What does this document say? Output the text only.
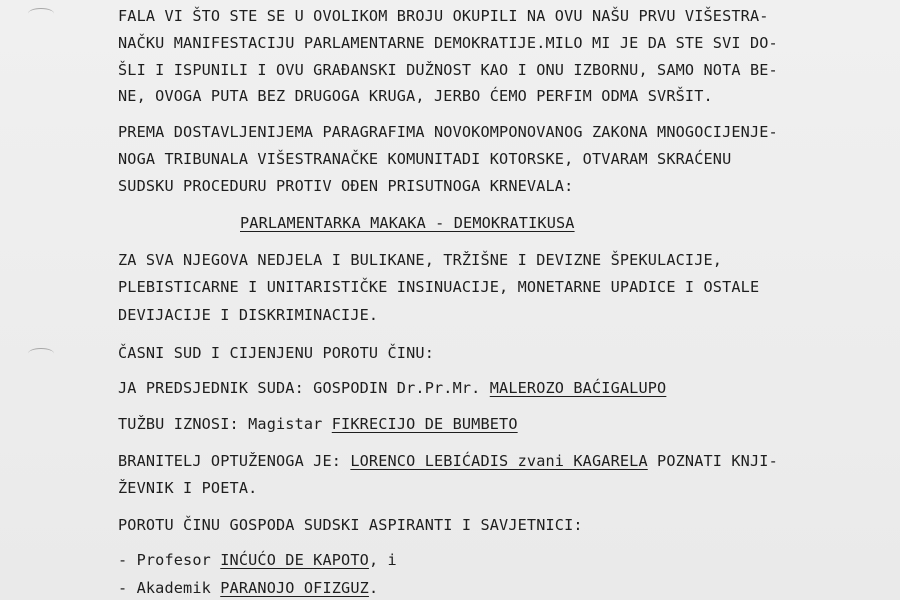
FALA VI ŠTO STE SE U OVOLIKOM BROJU OKUPILI NA OVU NAŠU PRVU VIŠESTRA-
NAČKU MANIFESTACIJU PARLAMENTARNE DEMOKRATIJE.MILO MI JE DA STE SVI DO-
ŠLI I ISPUNILI I OVU GRAĐANSKI DUŽNOST KAO I ONU IZBORNU, SAMO NOTA BE-
NE, OVOGA PUTA BEZ DRUGOGA KRUGA, JERBO ĆEMO PERFIM ODMA SVRŠIT.
PREMA DOSTAVLJENIJEMA PARAGRAFIMA NOVOKOMPONOVANOG ZAKONA MNOGOCIJENJE-
NOGA TRIBUNALA VIŠESTRANAČKE KOMUNITADI KOTORSKE, OTVARAM SKRAĆENU
SUDSKU PROCEDURU PROTIV OĐEN PRISUTNOGA KRNEVALA:
PARLAMENTARKA MAKAKA - DEMOKRATIKUSA
ZA SVA NJEGOVA NEDJELA I BULIKANE, TRŽIŠNE I DEVIZNE ŠPEKULACIJE,
PLEBISTICARNE I UNITARISTIČKE INSINUACIJE, MONETARNE UPADICE I OSTALE
DEVIJACIJE I DISKRIMINACIJE.
ČASNI SUD I CIJENJENU POROTU ČINU:
JA PREDSJEDNIK SUDA: GOSPODIN Dr.Pr.Mr. MALEROZO BAĆIGALUPO
TUŽBU IZNOSI: Magistar FIKRECIJO DE BUMBETO
BRANITELJ OPTUŽENOGA JE: LORENCO LEBIĆADIS zvani KAGARELA POZNATI KNJI-
ŽEVNIK I POETA.
POROTU ČINU GOSPODA SUDSKI ASPIRANTI I SAVJETNICI:
- Profesor INĆUĆO DE KAPOTO, i
- Akademik PARANOJO OFIZGUZ.
